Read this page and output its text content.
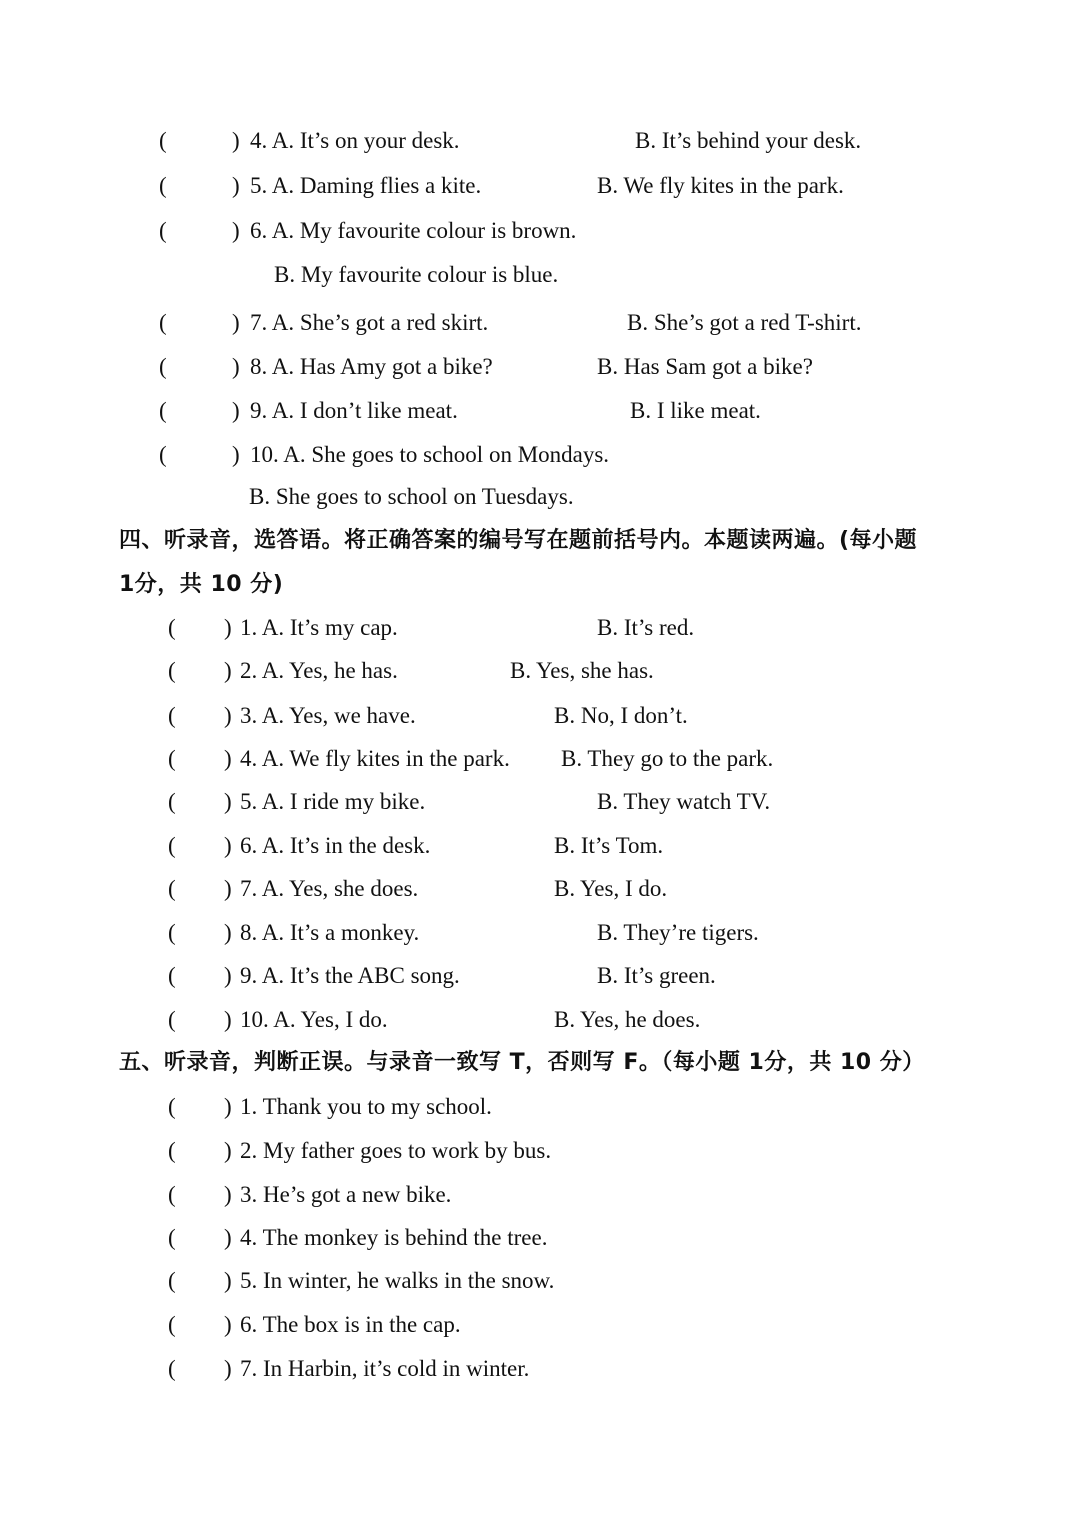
(	) 4. A. It’s on your desk.	B. It’s behind your desk.
(	) 5. A. Daming flies a kite.	B. We fly kites in the park.
(	) 6. A. My favourite colour is brown.
B. My favourite colour is blue.
(	) 7. A. She’s got a red skirt.	B. She’s got a red T-shirt.
(	) 8. A. Has Amy got a bike?	B. Has Sam got a bike?
(	) 9. A. I don’t like meat.	B. I like meat.
(	) 10. A. She goes to school on Mondays.
B. She goes to school on Tuesdays.
四、听录音，选答语。将正确答案的编号写在题前括号内。本题读两遍。(每小题
1分，共 10 分)
( ) 1. A. It’s my cap.	B. It’s red.
( ) 2. A. Yes, he has.	B. Yes, she has.
( ) 3. A. Yes, we have.	B. No, I don’t.
( ) 4. A. We fly kites in the park. B. They go to the park.
( ) 5. A. I ride my bike.	B. They watch TV.
( ) 6. A. It’s in the desk.	B. It’s Tom.
( ) 7. A. Yes, she does.	B. Yes, I do.
( ) 8. A. It’s a monkey.	B. They’re tigers.
( ) 9. A. It’s the ABC song.	B. It’s green.
( ) 10. A. Yes, I do.	B. Yes, he does.
五、听录音，判断正误。与录音一致写 T，否则写 F。（每小题 1分，共 10 分）
( ) 1. Thank you to my school.
( ) 2. My father goes to work by bus.
( ) 3. He’s got a new bike.
( ) 4. The monkey is behind the tree.
( ) 5. In winter, he walks in the snow.
( ) 6. The box is in the cap.
( ) 7. In Harbin, it’s cold in winter.
